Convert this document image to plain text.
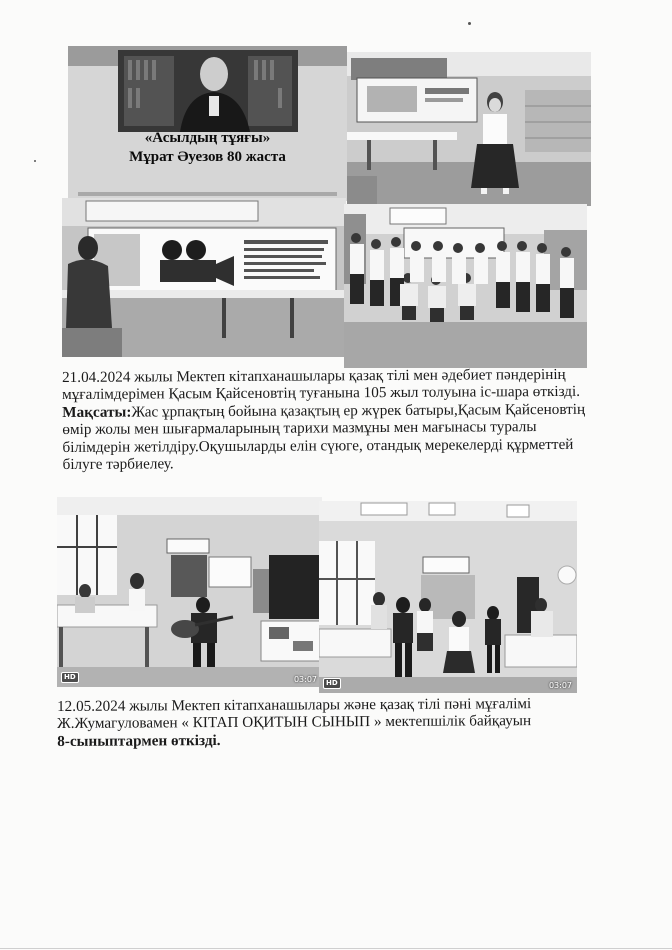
«Асылдың тұяғы»
Мұрат Әуезов 80 жаста

21.04.2024 жылы Мектеп кітапханашылары қазақ тілі мен әдебиет пәндерінің

мұғалімдерімен Қасым Қайсеновтің туғанына 105 жыл толуына іс-шара өткізді.

Мақсаты:Жас ұрпақтың бойына қазақтың ер жүрек батыры,Қасым Қайсеновтің

өмір жолы мен шығармаларының тарихи мазмұны мен мағынасы туралы

білімдерін жетілдіру.Оқушыларды елін сүюге, отандық мерекелерді құрметтей

білуге тәрбиелеу.

HD	03:07	HD	03:07

12.05.2024 жылы Мектеп кітапханашылары және қазақ тілі пәні мұғалімі

Ж.Жумагуловамен « КІТАП ОҚИТЫН СЫНЫП » мектепшілік байқауын

8-сыныптармен өткізді.
